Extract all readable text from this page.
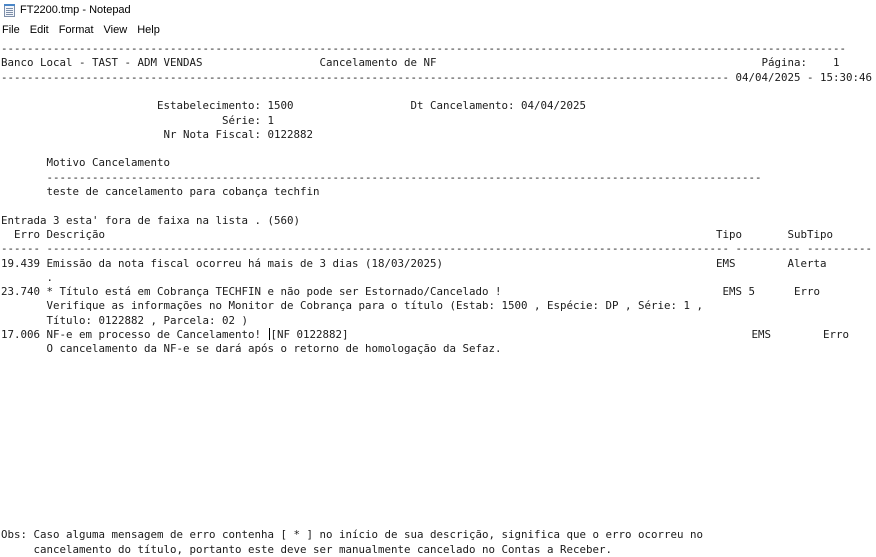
FT2200.tmp - Notepad
File Edit Format View Help
----------------------------------------------------------------------------------------------------------------------------------
Banco Local - TAST - ADM VENDAS                  Cancelamento de NF                                                  Página:    1
---------------------------------------------------------------------------------------------------------------- 04/04/2025 - 15:30:46
Estabelecimento: 1500                  Dt Cancelamento: 04/04/2025
Série: 1
Nr Nota Fiscal: 0122882
Motivo Cancelamento
--------------------------------------------------------------------------------------------------------------
teste de cancelamento para cobança techfin
Entrada 3 esta' fora de faixa na lista . (560)
Erro Descrição                                                                                              Tipo       SubTipo
------ --------------------------------------------------------------------------------------------------------- ---------- ----------
19.439 Emissão da nota fiscal ocorreu há mais de 3 dias (18/03/2025)                                          EMS        Alerta
.
23.740 * Título está em Cobrança TECHFIN e não pode ser Estornado/Cancelado !                                  EMS 5      Erro
Verifique as informações no Monitor de Cobrança para o título (Estab: 1500 , Espécie: DP , Série: 1 ,
Título: 0122882 , Parcela: 02 )
17.006 NF-e em processo de Cancelamento! [NF 0122882]                                                              EMS        Erro
O cancelamento da NF-e se dará após o retorno de homologação da Sefaz.
Obs: Caso alguma mensagem de erro contenha [ * ] no início de sua descrição, significa que o erro ocorreu no
cancelamento do título, portanto este deve ser manualmente cancelado no Contas a Receber.
